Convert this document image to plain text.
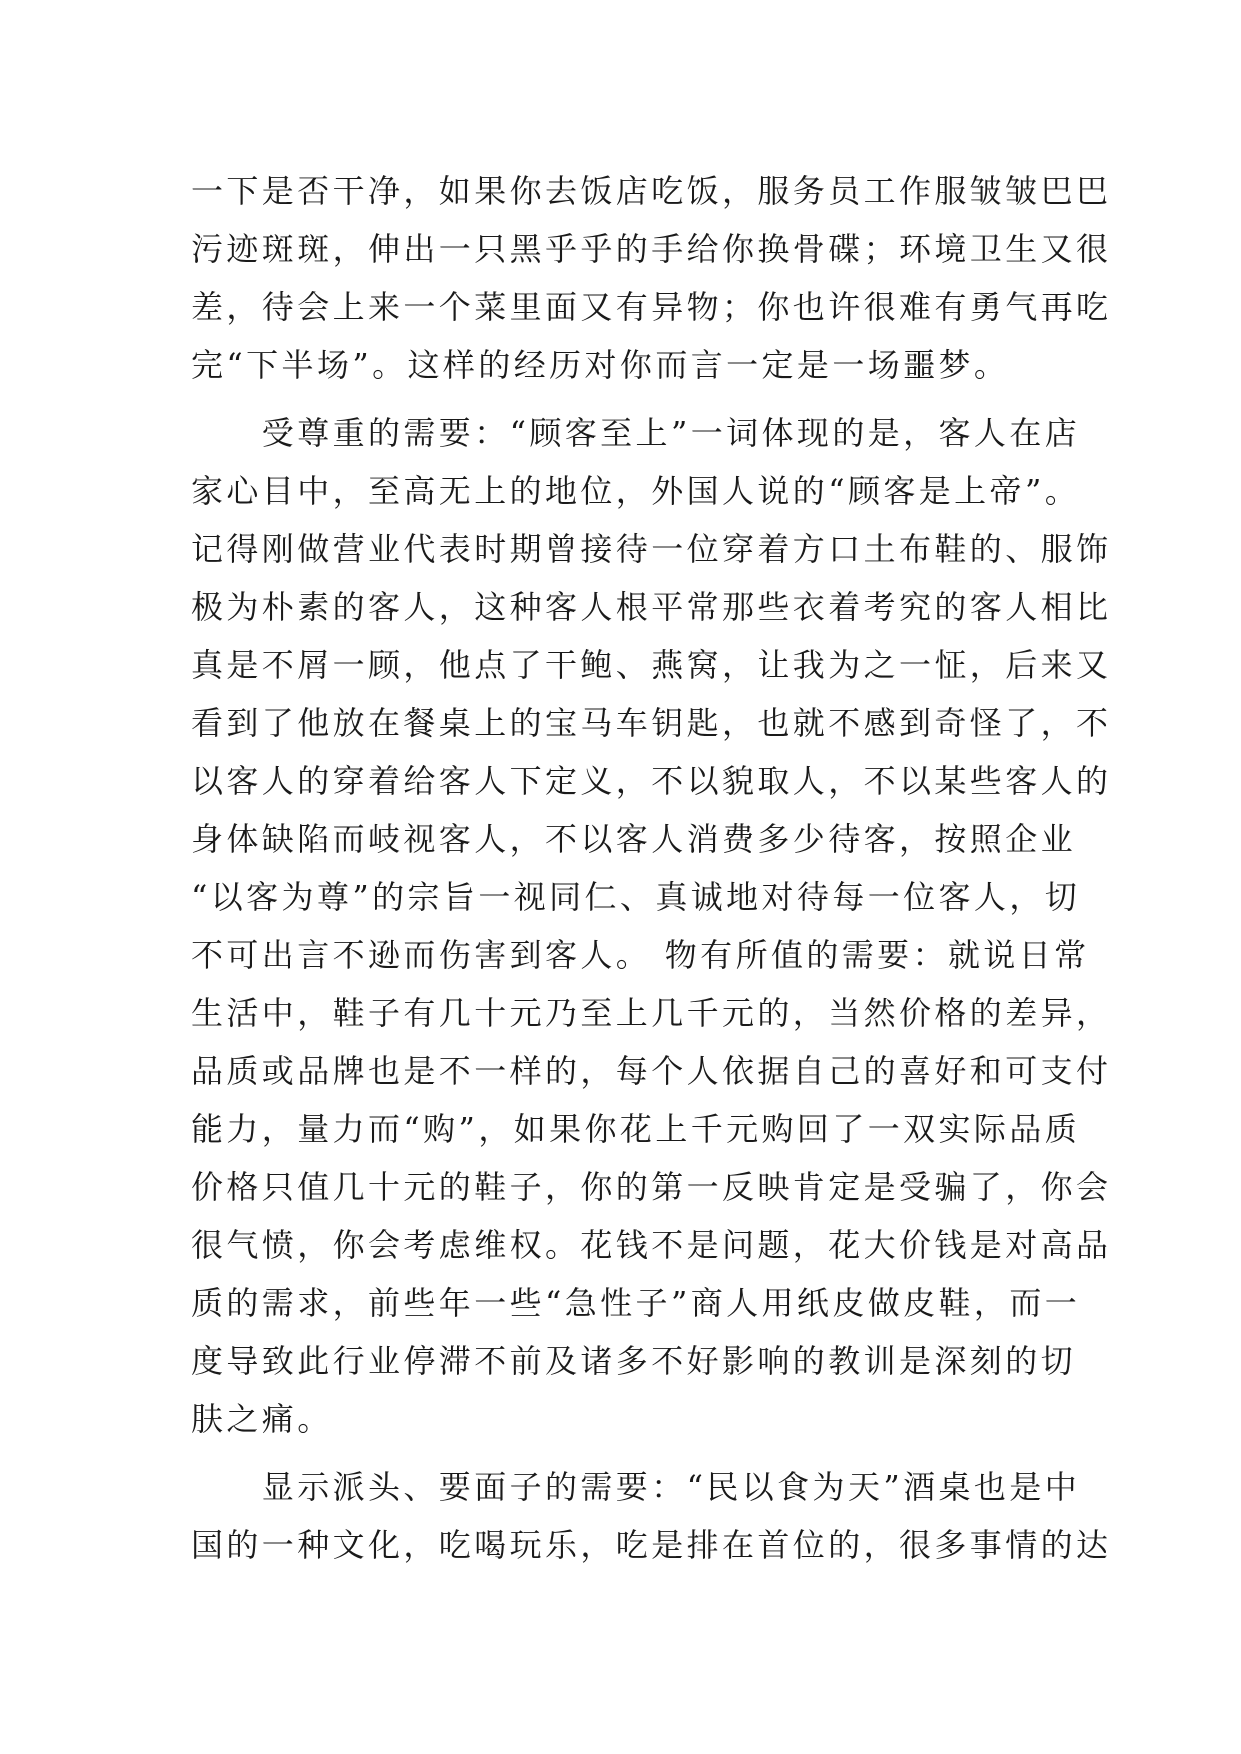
一下是否干净，如果你去饭店吃饭，服务员工作服皱皱巴巴
污迹斑斑，伸出一只黑乎乎的手给你换骨碟；环境卫生又很
差，待会上来一个菜里面又有异物；你也许很难有勇气再吃
完“下半场”。这样的经历对你而言一定是一场噩梦。
　　受尊重的需要：“顾客至上”一词体现的是，客人在店
家心目中，至高无上的地位，外国人说的“顾客是上帝”。
记得刚做营业代表时期曾接待一位穿着方口土布鞋的、服饰
极为朴素的客人，这种客人根平常那些衣着考究的客人相比
真是不屑一顾，他点了干鲍、燕窝，让我为之一怔，后来又
看到了他放在餐桌上的宝马车钥匙，也就不感到奇怪了，不
以客人的穿着给客人下定义，不以貌取人，不以某些客人的
身体缺陷而岐视客人，不以客人消费多少待客，按照企业
“以客为尊”的宗旨一视同仁、真诚地对待每一位客人，切
不可出言不逊而伤害到客人。 物有所值的需要：就说日常
生活中，鞋子有几十元乃至上几千元的，当然价格的差异，
品质或品牌也是不一样的，每个人依据自己的喜好和可支付
能力，量力而“购”，如果你花上千元购回了一双实际品质
价格只值几十元的鞋子，你的第一反映肯定是受骗了，你会
很气愤，你会考虑维权。花钱不是问题，花大价钱是对高品
质的需求，前些年一些“急性子”商人用纸皮做皮鞋，而一
度导致此行业停滞不前及诸多不好影响的教训是深刻的切
肤之痛。
　　显示派头、要面子的需要：“民以食为天”酒桌也是中
国的一种文化，吃喝玩乐，吃是排在首位的，很多事情的达
